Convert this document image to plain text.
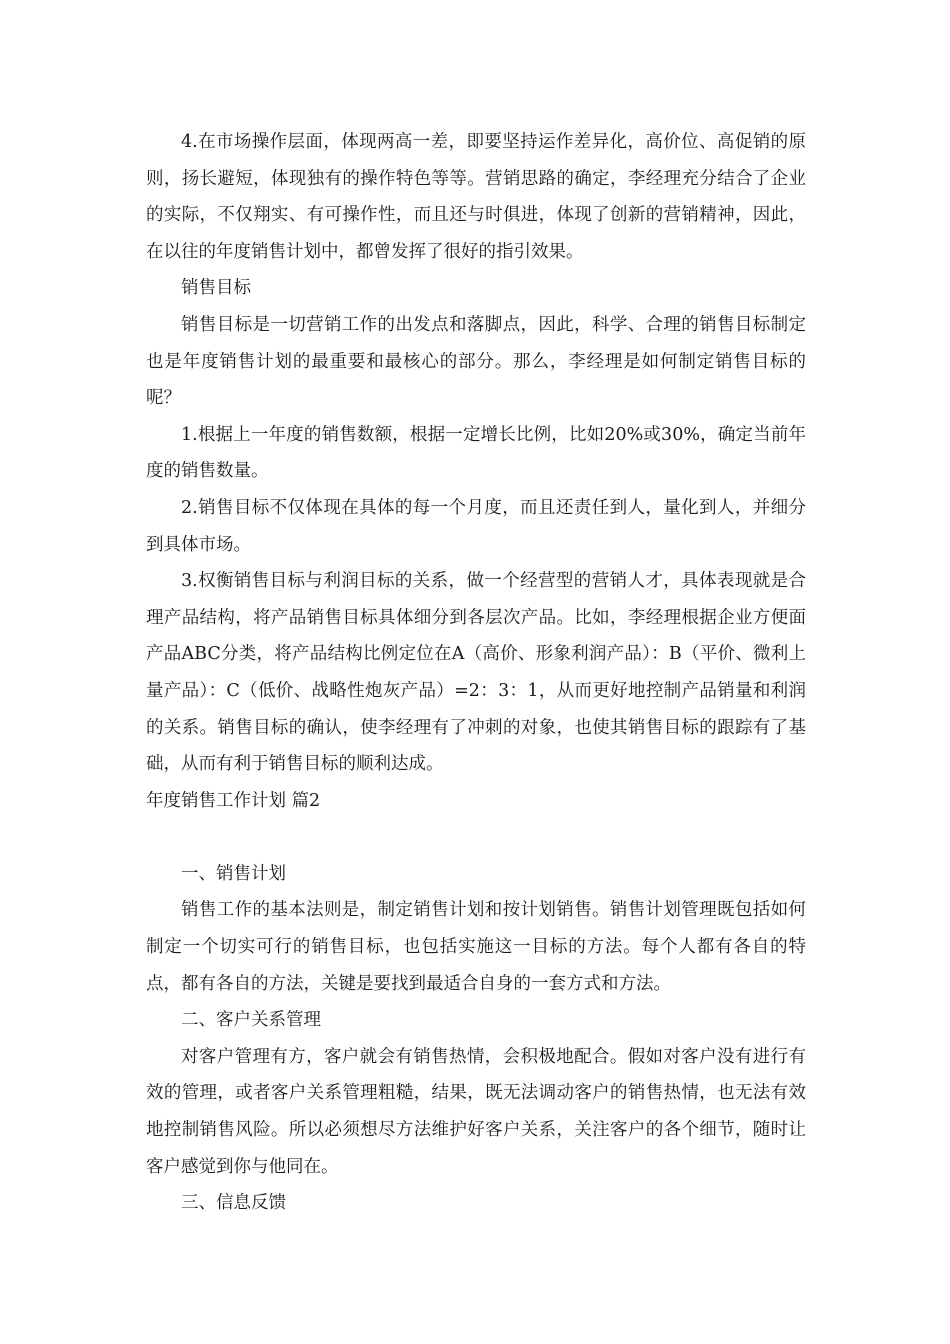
4.在市场操作层面，体现两高一差，即要坚持运作差异化，高价位、高促销的原则，扬长避短，体现独有的操作特色等等。营销思路的确定，李经理充分结合了企业的实际，不仅翔实、有可操作性，而且还与时俱进，体现了创新的营销精神，因此，在以往的年度销售计划中，都曾发挥了很好的指引效果。

销售目标

销售目标是一切营销工作的出发点和落脚点，因此，科学、合理的销售目标制定也是年度销售计划的最重要和最核心的部分。那么，李经理是如何制定销售目标的呢？

1.根据上一年度的销售数额，根据一定增长比例，比如20%或30%，确定当前年度的销售数量。

2.销售目标不仅体现在具体的每一个月度，而且还责任到人，量化到人，并细分到具体市场。

3.权衡销售目标与利润目标的关系，做一个经营型的营销人才，具体表现就是合理产品结构，将产品销售目标具体细分到各层次产品。比如，李经理根据企业方便面产品ABC分类，将产品结构比例定位在A（高价、形象利润产品）：B（平价、微利上量产品）：C（低价、战略性炮灰产品）=2：3：1，从而更好地控制产品销量和利润的关系。销售目标的确认，使李经理有了冲刺的对象，也使其销售目标的跟踪有了基础，从而有利于销售目标的顺利达成。

年度销售工作计划 篇2

一、销售计划

销售工作的基本法则是，制定销售计划和按计划销售。销售计划管理既包括如何制定一个切实可行的销售目标，也包括实施这一目标的方法。每个人都有各自的特点，都有各自的方法，关键是要找到最适合自身的一套方式和方法。

二、客户关系管理

对客户管理有方，客户就会有销售热情，会积极地配合。假如对客户没有进行有效的管理，或者客户关系管理粗糙，结果，既无法调动客户的销售热情，也无法有效地控制销售风险。所以必须想尽方法维护好客户关系，关注客户的各个细节，随时让客户感觉到你与他同在。

三、信息反馈
